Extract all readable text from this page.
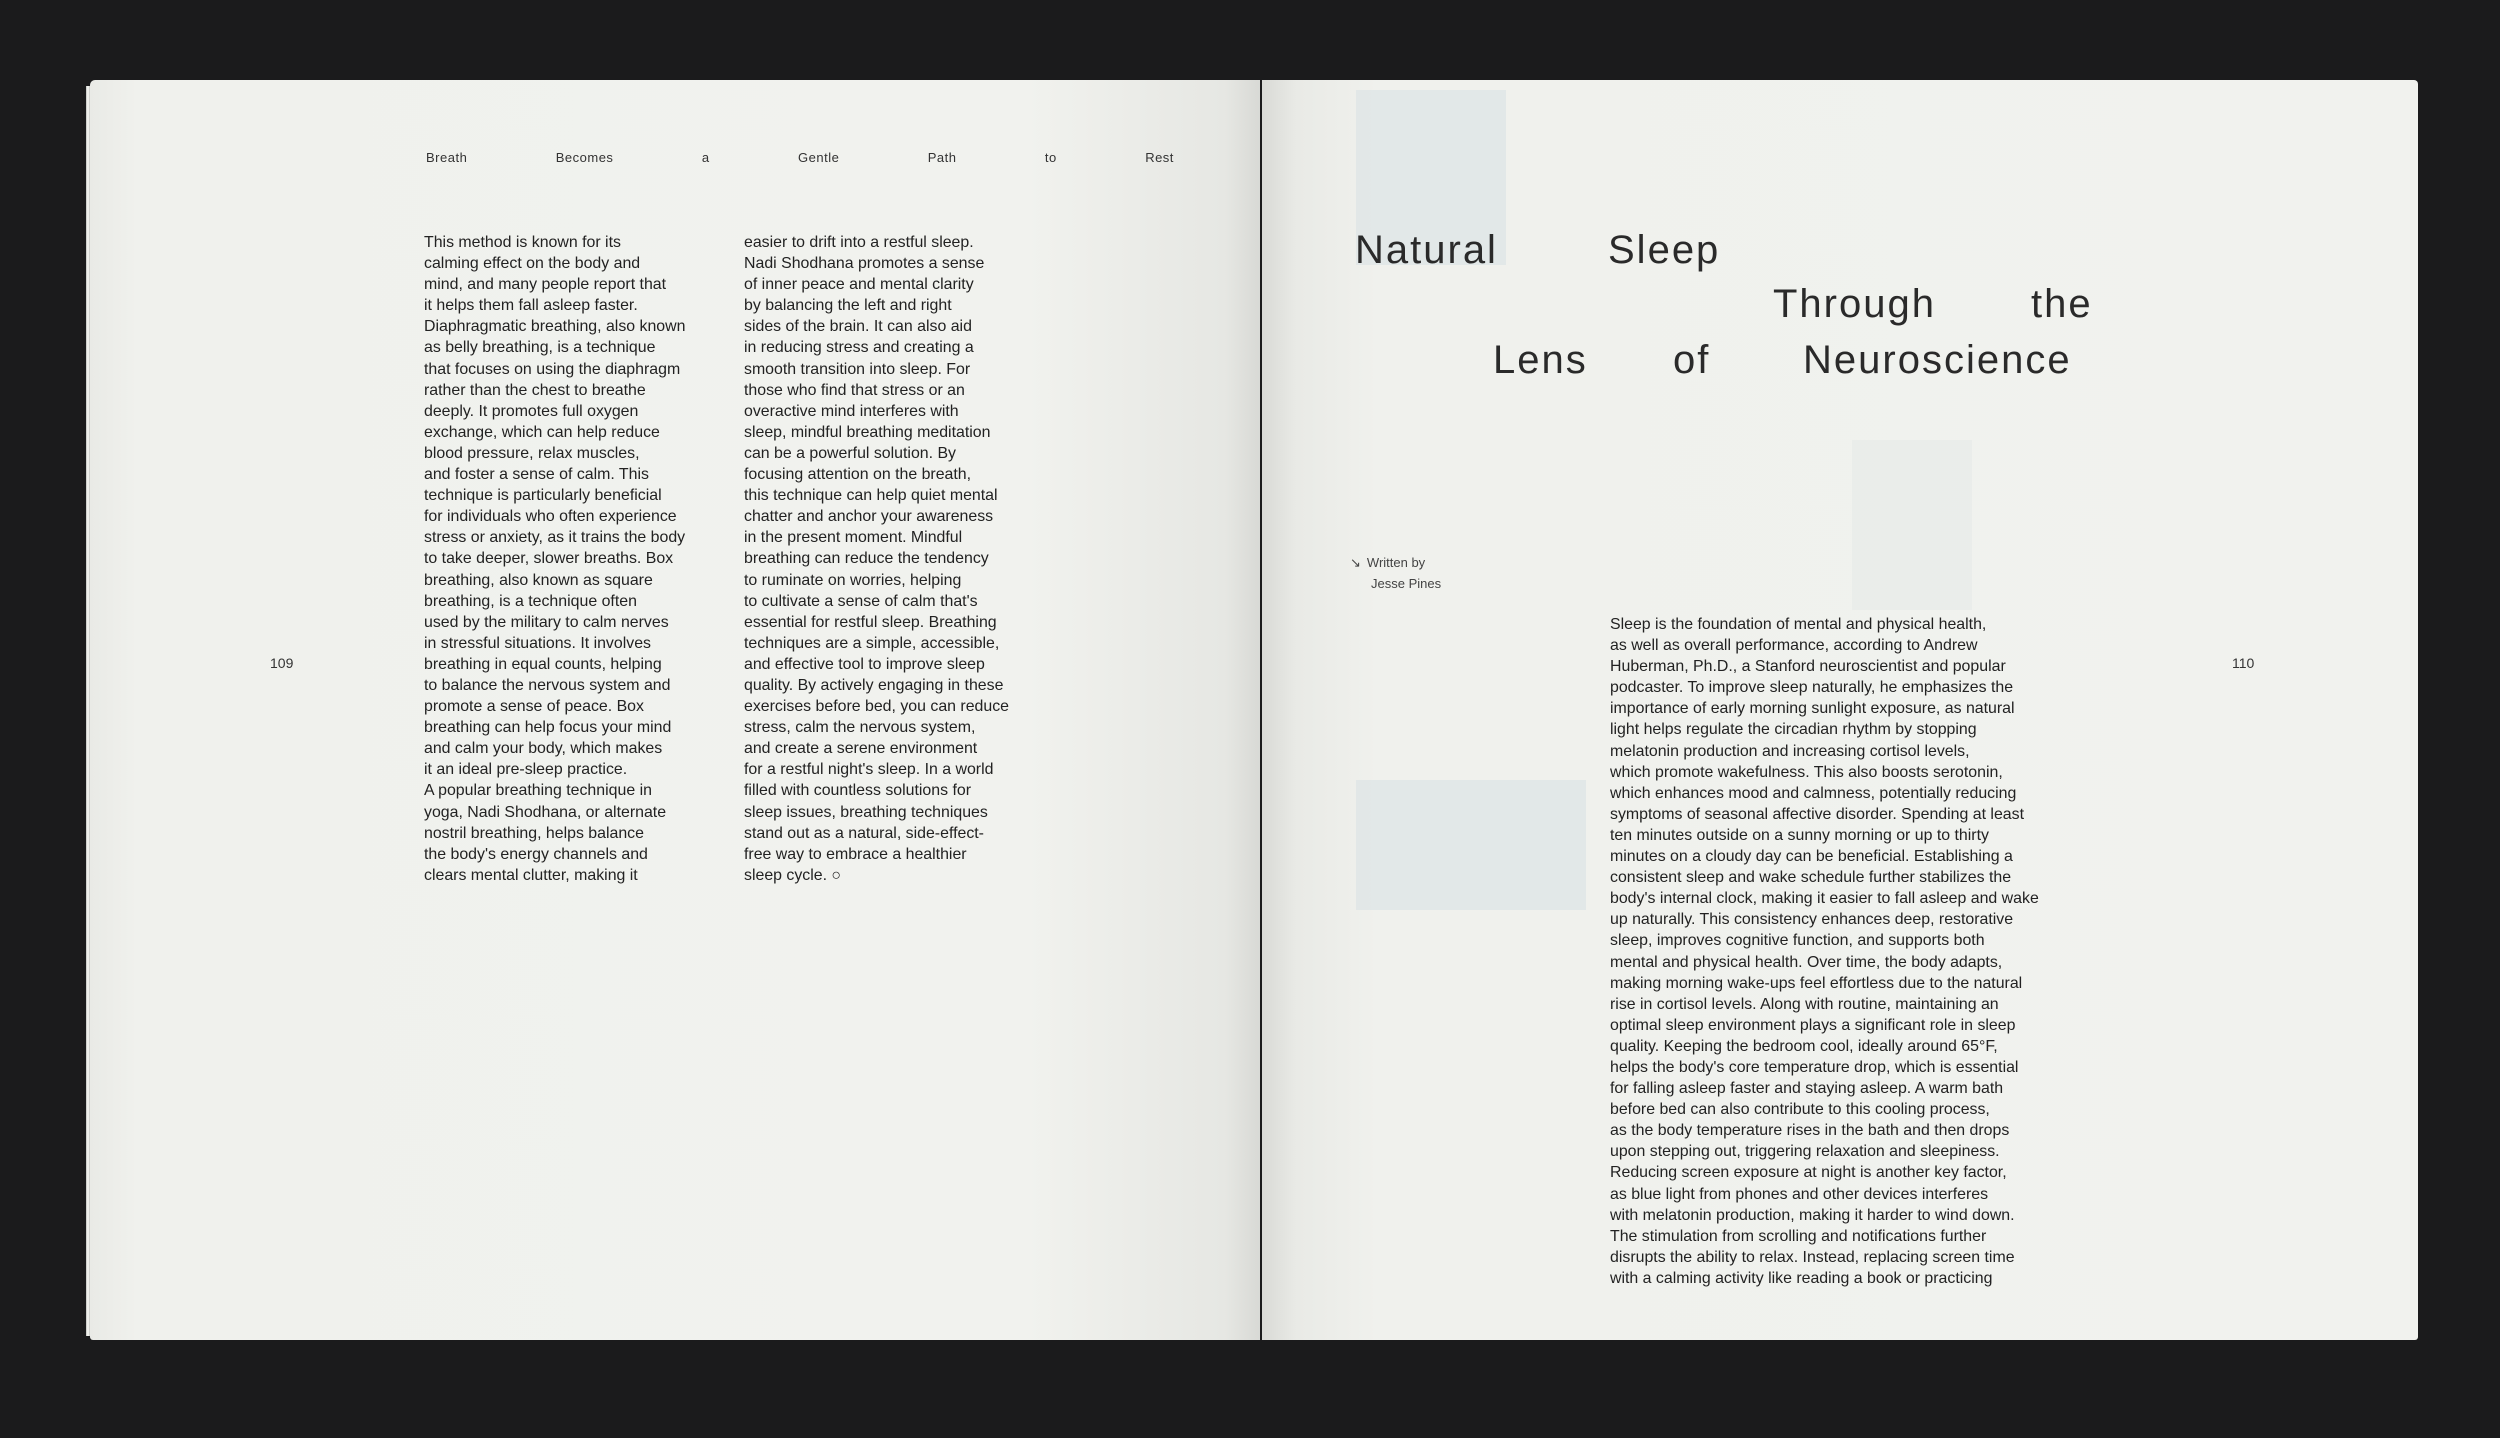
Breath	Becomes	a	Gentle	Path	to	Rest
This method is known for its
calming effect on the body and
mind, and many people report that
it helps them fall asleep faster.
Diaphragmatic breathing, also known
as belly breathing, is a technique
that focuses on using the diaphragm
rather than the chest to breathe
deeply. It promotes full oxygen
exchange, which can help reduce
blood pressure, relax muscles,
and foster a sense of calm. This
technique is particularly beneficial
for individuals who often experience
stress or anxiety, as it trains the body
to take deeper, slower breaths. Box
breathing, also known as square
breathing, is a technique often
used by the military to calm nerves
in stressful situations. It involves
breathing in equal counts, helping
to balance the nervous system and
promote a sense of peace. Box
breathing can help focus your mind
and calm your body, which makes
it an ideal pre-sleep practice.
A popular breathing technique in
yoga, Nadi Shodhana, or alternate
nostril breathing, helps balance
the body's energy channels and
clears mental clutter, making it
easier to drift into a restful sleep.
Nadi Shodhana promotes a sense
of inner peace and mental clarity
by balancing the left and right
sides of the brain. It can also aid
in reducing stress and creating a
smooth transition into sleep. For
those who find that stress or an
overactive mind interferes with
sleep, mindful breathing meditation
can be a powerful solution. By
focusing attention on the breath,
this technique can help quiet mental
chatter and anchor your awareness
in the present moment. Mindful
breathing can reduce the tendency
to ruminate on worries, helping
to cultivate a sense of calm that's
essential for restful sleep. Breathing
techniques are a simple, accessible,
and effective tool to improve sleep
quality. By actively engaging in these
exercises before bed, you can reduce
stress, calm the nervous system,
and create a serene environment
for a restful night's sleep. In a world
filled with countless solutions for
sleep issues, breathing techniques
stand out as a natural, side-effect-
free way to embrace a healthier
sleep cycle. ○
109
Natural	Sleep
Through the
Lens of Neuroscience
↘ Written by
Jesse Pines
Sleep is the foundation of mental and physical health,
as well as overall performance, according to Andrew
Huberman, Ph.D., a Stanford neuroscientist and popular
podcaster. To improve sleep naturally, he emphasizes the
importance of early morning sunlight exposure, as natural
light helps regulate the circadian rhythm by stopping
melatonin production and increasing cortisol levels,
which promote wakefulness. This also boosts serotonin,
which enhances mood and calmness, potentially reducing
symptoms of seasonal affective disorder. Spending at least
ten minutes outside on a sunny morning or up to thirty
minutes on a cloudy day can be beneficial. Establishing a
consistent sleep and wake schedule further stabilizes the
body's internal clock, making it easier to fall asleep and wake
up naturally. This consistency enhances deep, restorative
sleep, improves cognitive function, and supports both
mental and physical health. Over time, the body adapts,
making morning wake-ups feel effortless due to the natural
rise in cortisol levels. Along with routine, maintaining an
optimal sleep environment plays a significant role in sleep
quality. Keeping the bedroom cool, ideally around 65°F,
helps the body's core temperature drop, which is essential
for falling asleep faster and staying asleep. A warm bath
before bed can also contribute to this cooling process,
as the body temperature rises in the bath and then drops
upon stepping out, triggering relaxation and sleepiness.
Reducing screen exposure at night is another key factor,
as blue light from phones and other devices interferes
with melatonin production, making it harder to wind down.
The stimulation from scrolling and notifications further
disrupts the ability to relax. Instead, replacing screen time
with a calming activity like reading a book or practicing
110
